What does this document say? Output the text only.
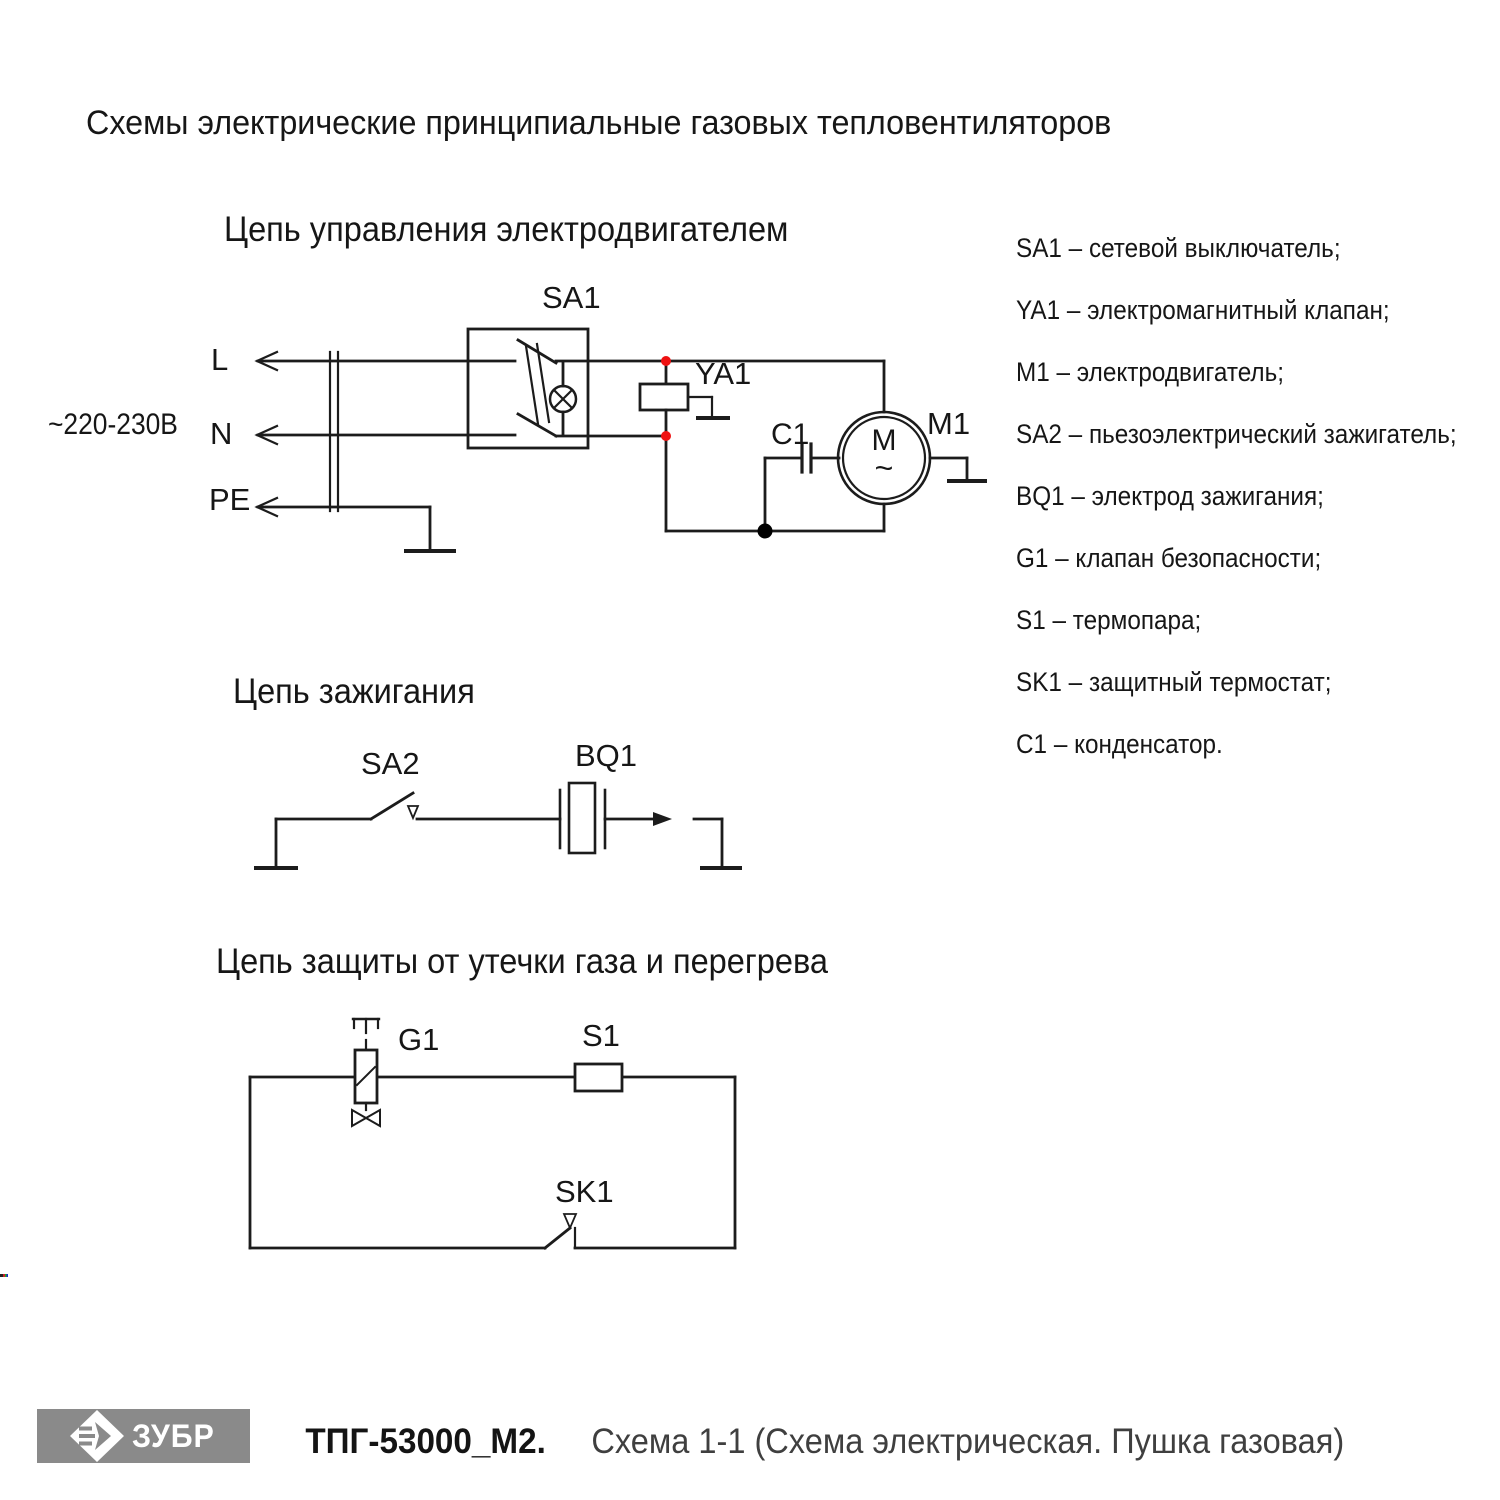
Схемы электрические принципиальные газовых тепловентиляторов
Цепь управления электродвигателем
~220-230В
L
N
PE
SA1
YA1
C1	M1
М
~
Цепь зажигания
SA2	BQ1
Цепь защиты от утечки газа и перегрева
G1	S1
SK1
SA1 – сетевой выключатель;
YA1 – электромагнитный клапан;
M1 – электродвигатель;
SA2 – пьезоэлектрический зажигатель;
BQ1 – электрод зажигания;
G1 – клапан безопасности;
S1 – термопара;
SK1 – защитный термостат;
C1 – конденсатор.
ЗУБР	ТПГ-53000_М2. Схема 1-1 (Схема электрическая. Пушка газовая)
